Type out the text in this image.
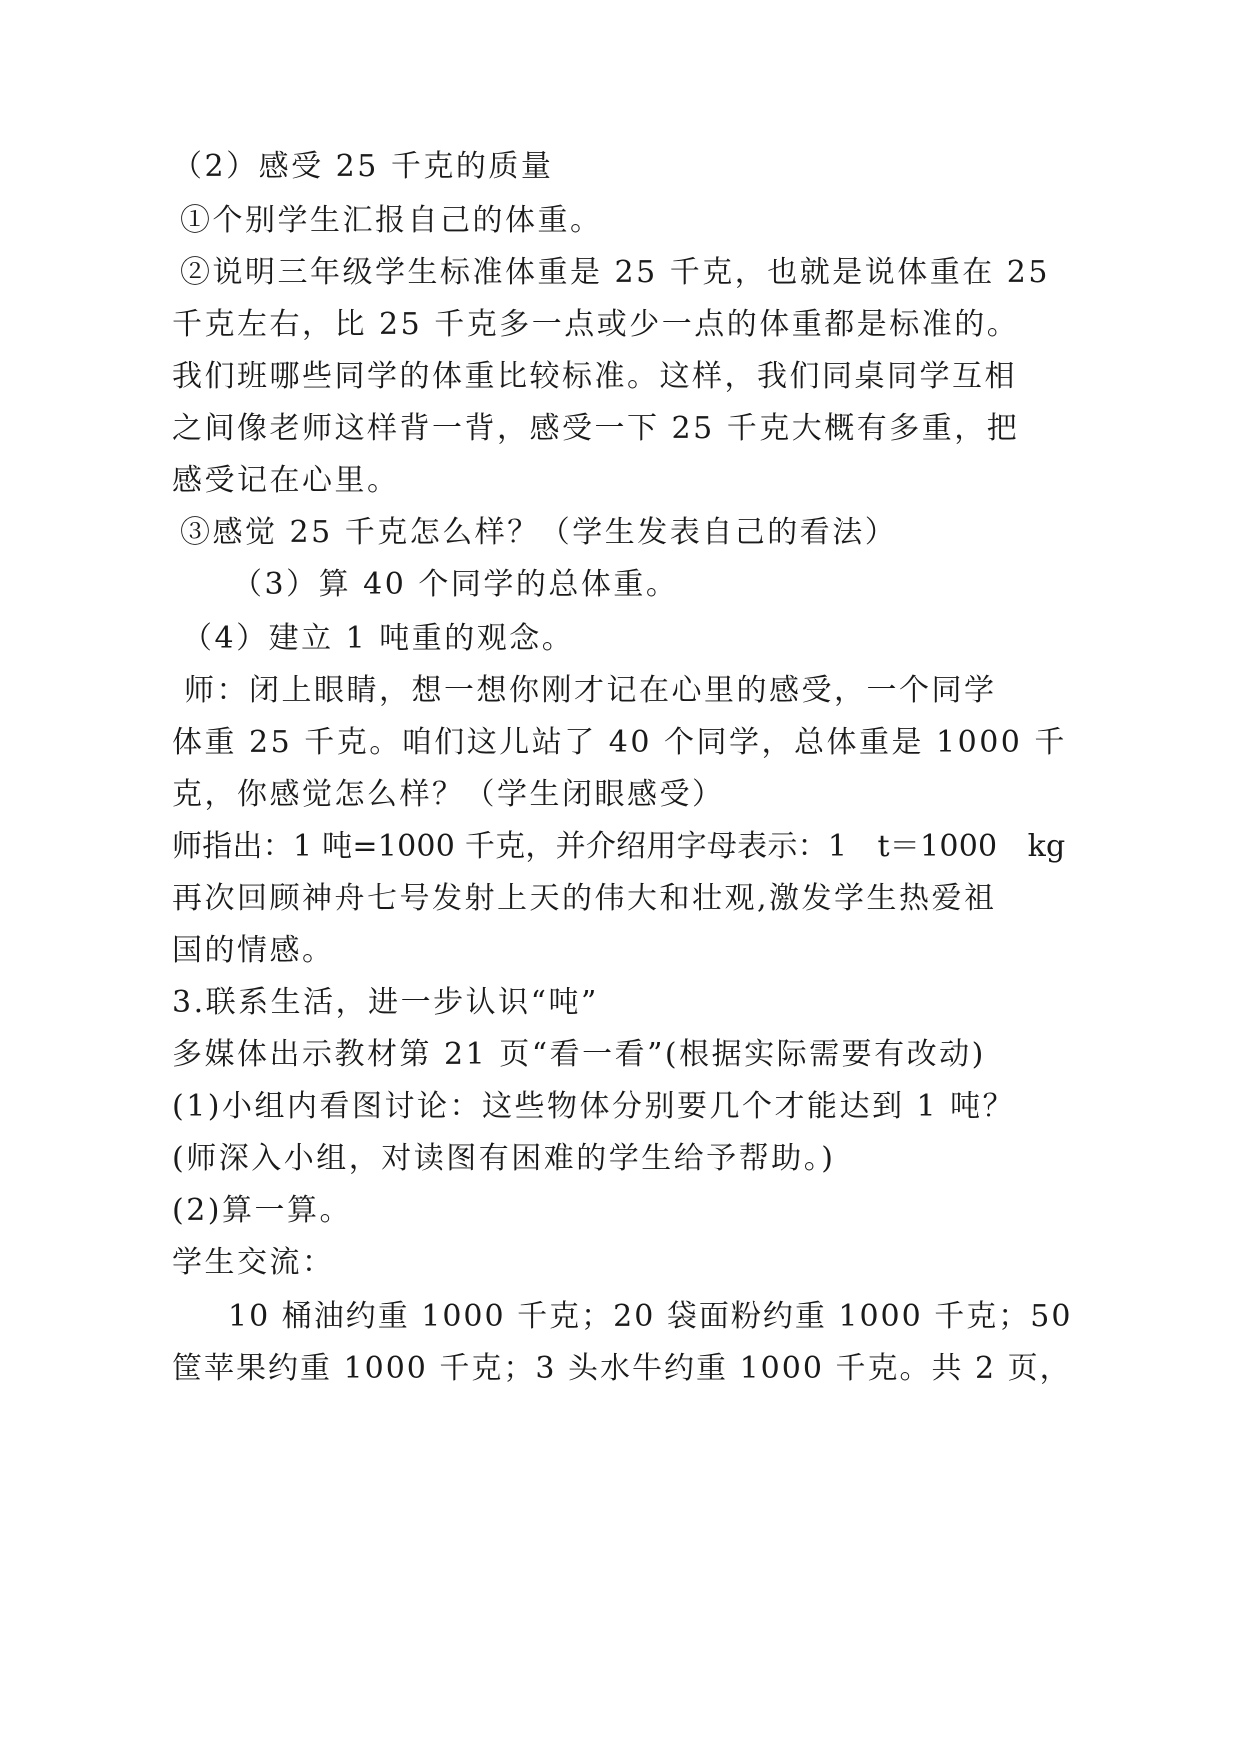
（2）感受 25 千克的质量
①个别学生汇报自己的体重。
②说明三年级学生标准体重是 25 千克，也就是说体重在 25
千克左右，比 25 千克多一点或少一点的体重都是标准的。
我们班哪些同学的体重比较标准。这样，我们同桌同学互相
之间像老师这样背一背，感受一下 25 千克大概有多重，把
感受记在心里。
③感觉 25 千克怎么样？（学生发表自己的看法）
（3）算 40 个同学的总体重。
（4）建立 1 吨重的观念。
师：闭上眼睛，想一想你刚才记在心里的感受，一个同学
体重 25 千克。咱们这儿站了 40 个同学，总体重是 1000 千
克，你感觉怎么样？（学生闭眼感受）
师指出：1 吨=1000 千克，并介绍用字母表示：1　t＝1000　kg
再次回顾神舟七号发射上天的伟大和壮观,激发学生热爱祖
国的情感。
3.联系生活，进一步认识“吨”
多媒体出示教材第 21 页“看一看”(根据实际需要有改动)
(1)小组内看图讨论：这些物体分别要几个才能达到 1 吨？
(师深入小组，对读图有困难的学生给予帮助。)
(2)算一算。
学生交流：
10 桶油约重 1000 千克；20 袋面粉约重 1000 千克；50
筐苹果约重 1000 千克；3 头水牛约重 1000 千克。共 2 页，
